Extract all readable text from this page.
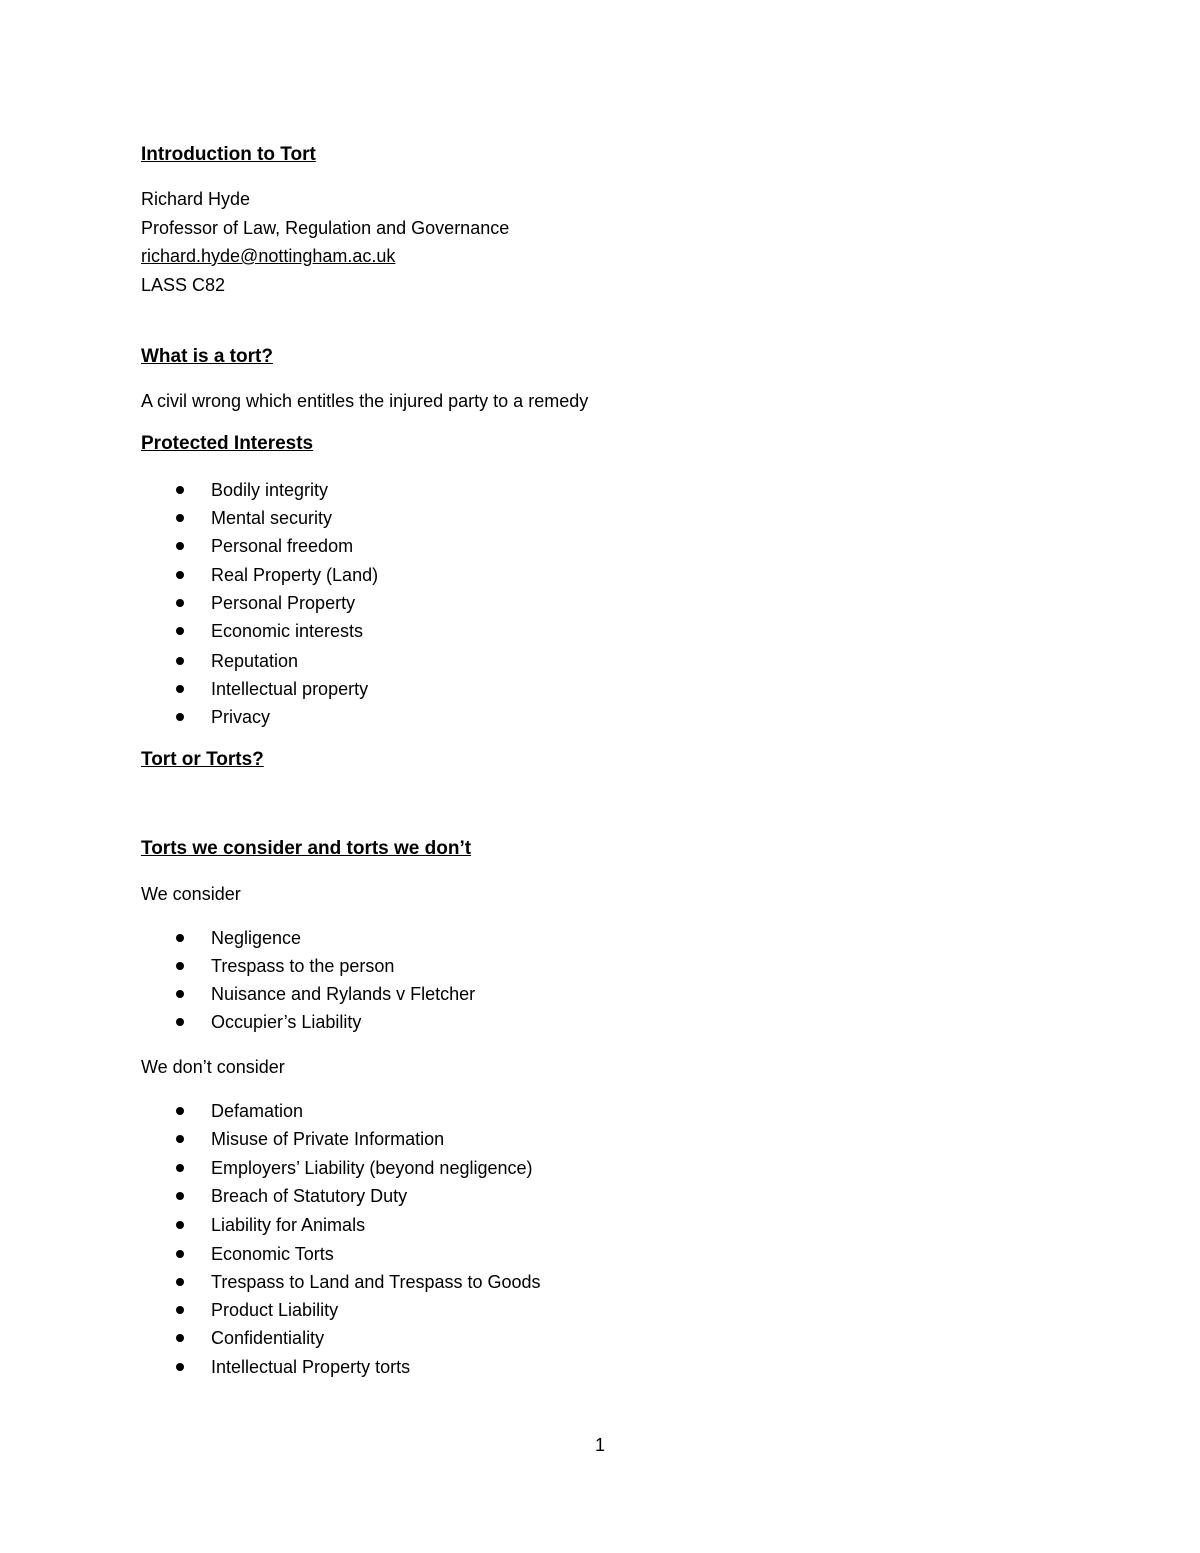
Introduction to Tort
Richard Hyde
Professor of Law, Regulation and Governance
richard.hyde@nottingham.ac.uk
LASS C82
What is a tort?
A civil wrong which entitles the injured party to a remedy
Protected Interests
Bodily integrity
Mental security
Personal freedom
Real Property (Land)
Personal Property
Economic interests
Reputation
Intellectual property
Privacy
Tort or Torts?
Torts we consider and torts we don’t
We consider
Negligence
Trespass to the person
Nuisance and Rylands v Fletcher
Occupier’s Liability
We don’t consider
Defamation
Misuse of Private Information
Employers’ Liability (beyond negligence)
Breach of Statutory Duty
Liability for Animals
Economic Torts
Trespass to Land and Trespass to Goods
Product Liability
Confidentiality
Intellectual Property torts
1
